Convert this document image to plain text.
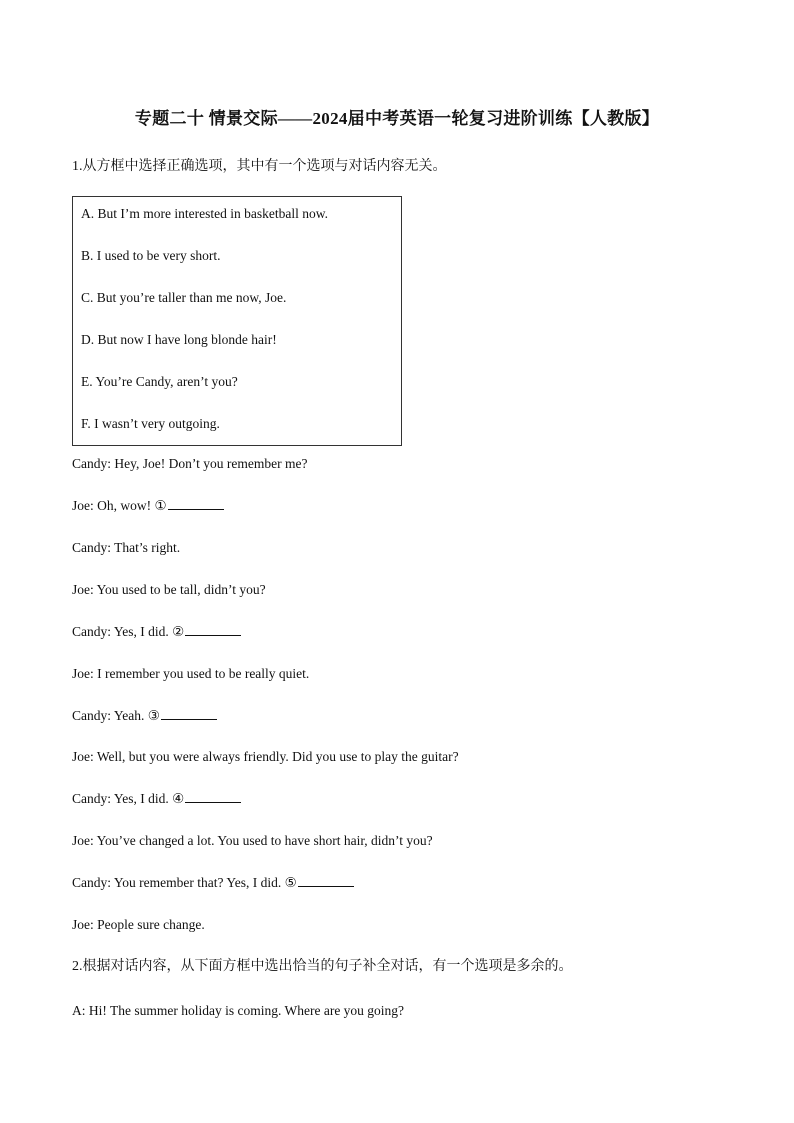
专题二十 情景交际——2024届中考英语一轮复习进阶训练【人教版】
1.从方框中选择正确选项，其中有一个选项与对话内容无关。
A. But I’m more interested in basketball now.
B. I used to be very short.
C. But you’re taller than me now, Joe.
D. But now I have long blonde hair!
E. You’re Candy, aren’t you?
F. I wasn’t very outgoing.
Candy: Hey, Joe! Don’t you remember me?
Joe: Oh, wow! ①
Candy: That’s right.
Joe: You used to be tall, didn’t you?
Candy: Yes, I did. ②
Joe: I remember you used to be really quiet.
Candy: Yeah. ③
Joe: Well, but you were always friendly. Did you use to play the guitar?
Candy: Yes, I did. ④
Joe: You’ve changed a lot. You used to have short hair, didn’t you?
Candy: You remember that? Yes, I did. ⑤
Joe: People sure change.
2.根据对话内容，从下面方框中选出恰当的句子补全对话，有一个选项是多余的。
A: Hi! The summer holiday is coming. Where are you going?
